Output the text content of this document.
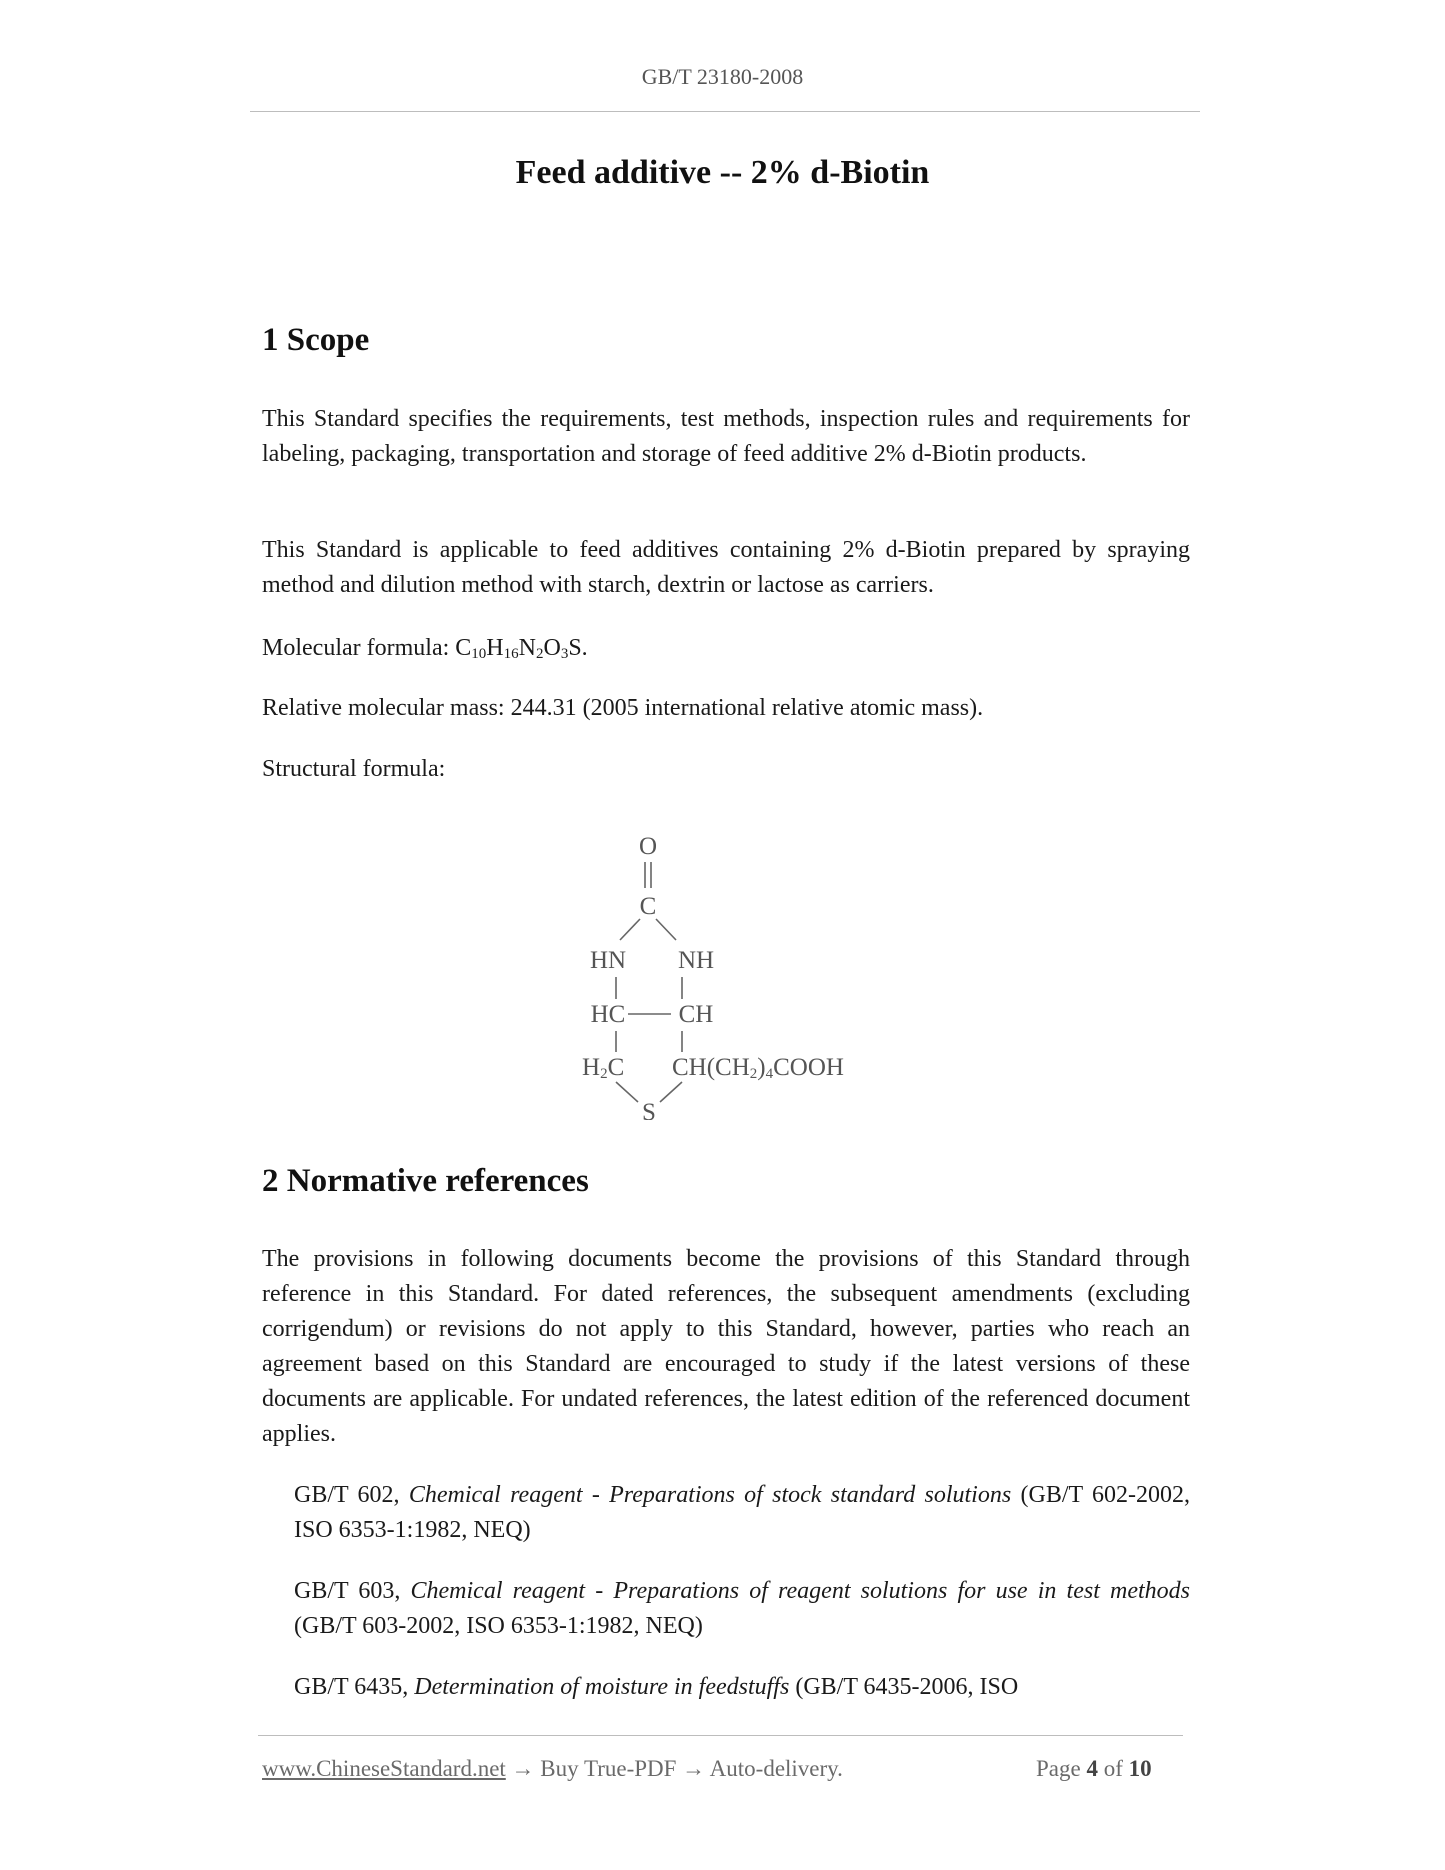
GB/T 23180-2008
Feed additive -- 2% d-Biotin
1 Scope

This Standard specifies the requirements, test methods, inspection rules and requirements for labeling, packaging, transportation and storage of feed additive 2% d-Biotin products.

This Standard is applicable to feed additives containing 2% d-Biotin prepared by spraying method and dilution method with starch, dextrin or lactose as carriers.

Molecular formula: $C_{10}H_{16}N_2O_3S$.

Relative molecular mass: 244.31 (2005 international relative atomic mass).

Structural formula:

O
C
HN NH
HC CH
H2C CH(CH2)4COOH
S
2 Normative references

The provisions in following documents become the provisions of this Standard through reference in this Standard. For dated references, the subsequent amendments (excluding corrigendum) or revisions do not apply to this Standard, however, parties who reach an agreement based on this Standard are encouraged to study if the latest versions of these documents are applicable. For undated references, the latest edition of the referenced document applies.

GB/T 602, Chemical reagent - Preparations of stock standard solutions (GB/T 602-2002, ISO 6353-1:1982, NEQ)

GB/T 603, Chemical reagent - Preparations of reagent solutions for use in test methods (GB/T 603-2002, ISO 6353-1:1982, NEQ)

GB/T 6435, Determination of moisture in feedstuffs (GB/T 6435-2006, ISO

www.ChineseStandard.net → Buy True-PDF → Auto-delivery.	Page 4 of 10
